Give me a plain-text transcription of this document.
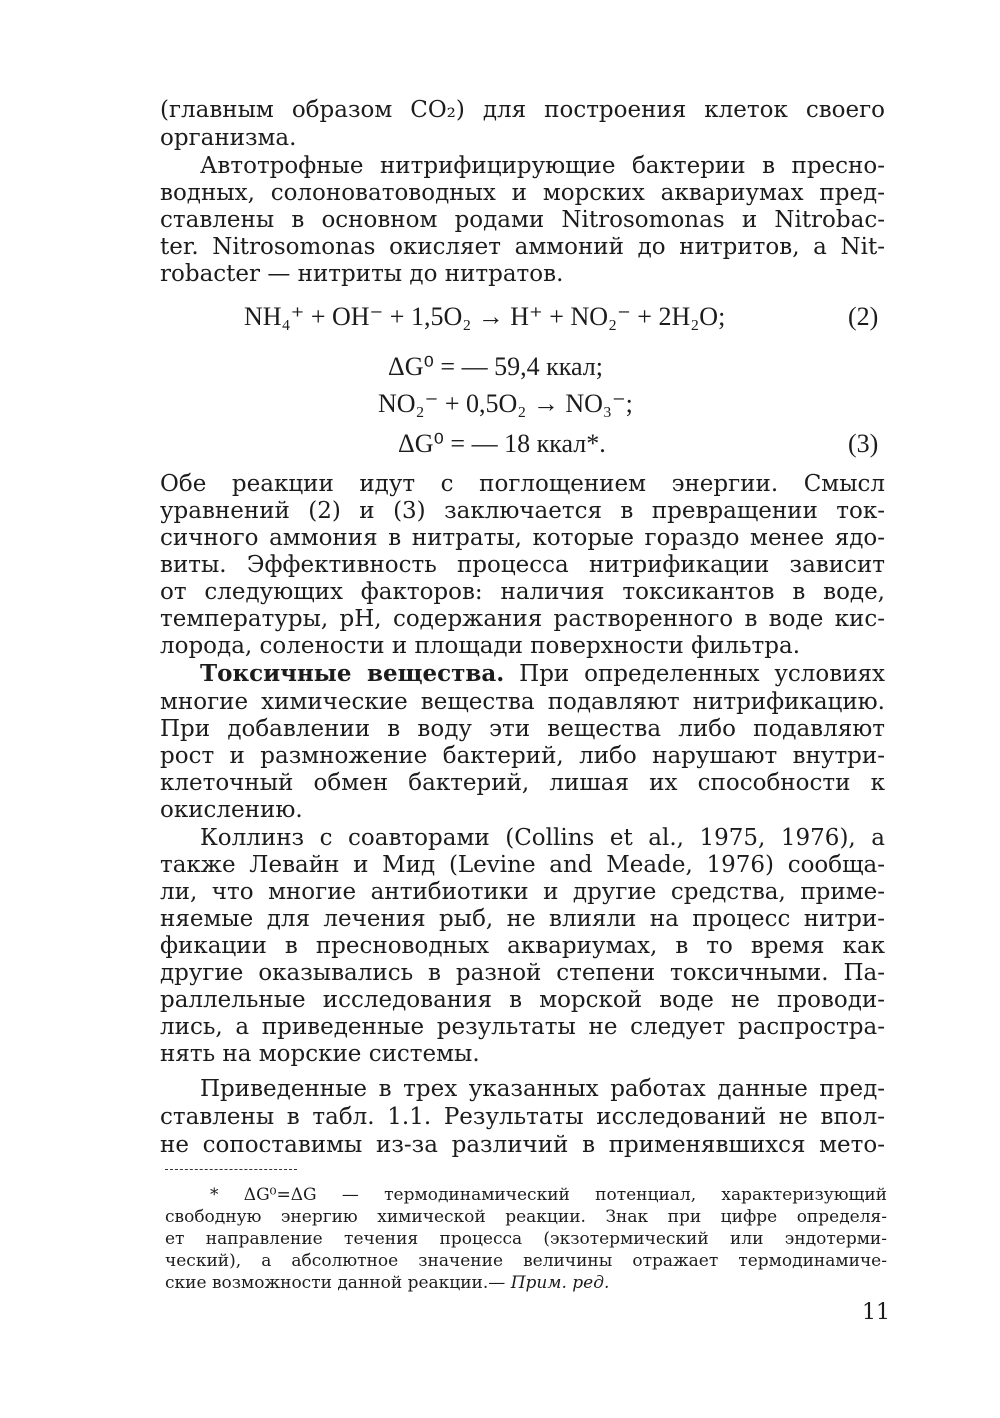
(главным образом CO₂) для построения клеток своего
организма.
Автотрофные нитрифицирующие бактерии в пресно-
водных, солоноватоводных и морских аквариумах пред-
ставлены в основном родами Nitrosomonas и Nitrobac-
ter. Nitrosomonas окисляет аммоний до нитритов, а Nit-
robacter — нитриты до нитратов.
NH₄⁺ + OH⁻ + 1,5O₂ → H⁺ + NO₂⁻ + 2H₂O;	(2)
ΔG⁰ = — 59,4 ккал;
NO₂⁻ + 0,5O₂ → NO₃⁻;
ΔG⁰ = — 18 ккал*.	(3)
Обе реакции идут с поглощением энергии. Смысл
уравнений (2) и (3) заключается в превращении ток-
сичного аммония в нитраты, которые гораздо менее ядо-
виты. Эффективность процесса нитрификации зависит
от следующих факторов: наличия токсикантов в воде,
температуры, pH, содержания растворенного в воде кис-
лорода, солености и площади поверхности фильтра.
Токсичные вещества. При определенных условиях
многие химические вещества подавляют нитрификацию.
При добавлении в воду эти вещества либо подавляют
рост и размножение бактерий, либо нарушают внутри-
клеточный обмен бактерий, лишая их способности к
окислению.
Коллинз с соавторами (Collins et al., 1975, 1976), а
также Левайн и Мид (Levine and Meade, 1976) сообща-
ли, что многие антибиотики и другие средства, приме-
няемые для лечения рыб, не влияли на процесс нитри-
фикации в пресноводных аквариумах, в то время как
другие оказывались в разной степени токсичными. Па-
раллельные исследования в морской воде не проводи-
лись, а приведенные результаты не следует распростра-
нять на морские системы.
Приведенные в трех указанных работах данные пред-
ставлены в табл. 1.1. Результаты исследований не впол-
не сопоставимы из-за различий в применявшихся мето-
* ΔG⁰=ΔG — термодинамический потенциал, характеризующий
свободную энергию химической реакции. Знак при цифре определя-
ет направление течения процесса (экзотермический или эндотерми-
ческий), а абсолютное значение величины отражает термодинамиче-
ские возможности данной реакции.— Прим. ред.
11
